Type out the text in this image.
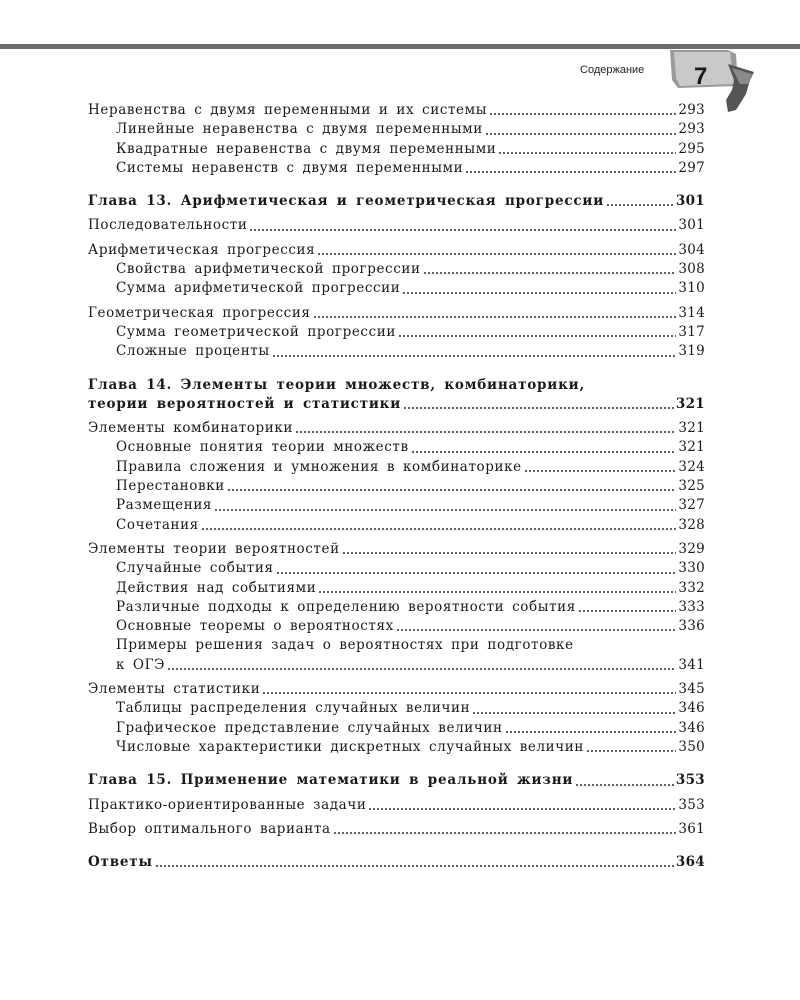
Содержание 7
Неравенства с двумя переменными и их системы	293
Линейные неравенства с двумя переменными	293
Квадратные неравенства с двумя переменными	295
Системы неравенств с двумя переменными	297
Глава 13. Арифметическая и геометрическая прогрессии	301
Последовательности	301
Арифметическая прогрессия	304
Свойства арифметической прогрессии	308
Сумма арифметической прогрессии	310
Геометрическая прогрессия	314
Сумма геометрической прогрессии	317
Сложные проценты	319
Глава 14. Элементы теории множеств, комбинаторики,
теории вероятностей и статистики	321
Элементы комбинаторики	321
Основные понятия теории множеств	321
Правила сложения и умножения в комбинаторике	324
Перестановки	325
Размещения	327
Сочетания	328
Элементы теории вероятностей	329
Случайные события	330
Действия над событиями	332
Различные подходы к определению вероятности события	333
Основные теоремы о вероятностях	336
Примеры решения задач о вероятностях при подготовке
к ОГЭ	341
Элементы статистики	345
Таблицы распределения случайных величин	346
Графическое представление случайных величин	346
Числовые характеристики дискретных случайных величин	350
Глава 15. Применение математики в реальной жизни	353
Практико-ориентированные задачи	353
Выбор оптимального варианта	361
Ответы	364
